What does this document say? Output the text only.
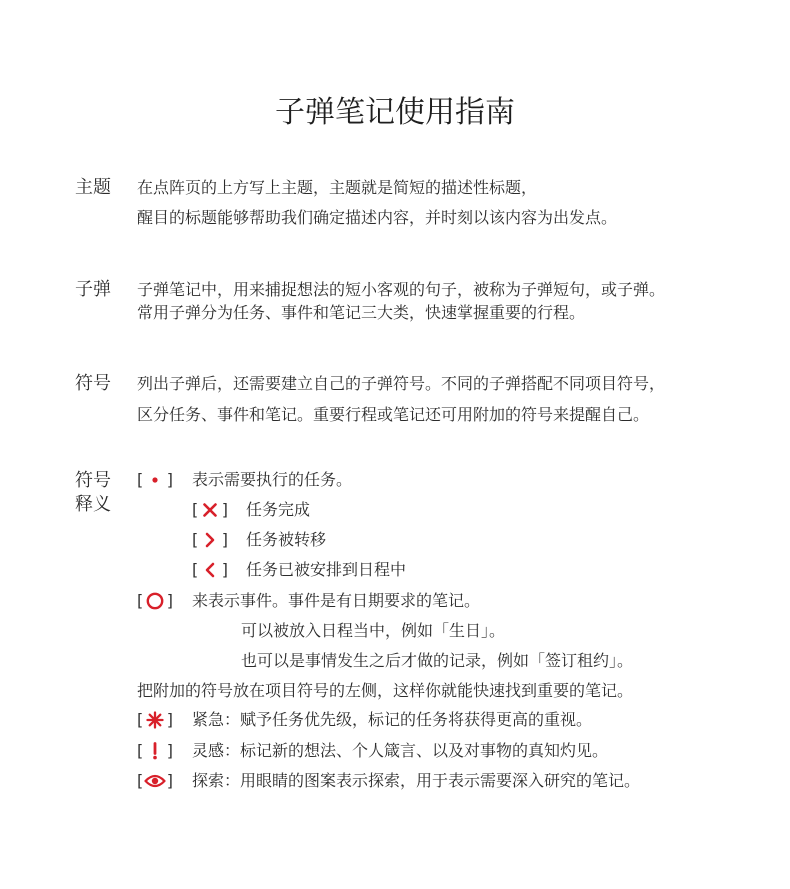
子弹笔记使用指南
主题 在点阵页的上方写上主题，主题就是简短的描述性标题，
醒目的标题能够帮助我们确定描述内容，并时刻以该内容为出发点。
子弹 子弹笔记中，用来捕捉想法的短小客观的句子，被称为子弹短句，或子弹。
常用子弹分为任务、事件和笔记三大类，快速掌握重要的行程。
符号 列出子弹后，还需要建立自己的子弹符号。不同的子弹搭配不同项目符号，
区分任务、事件和笔记。重要行程或笔记还可用附加的符号来提醒自己。
符号
释义
[ ] 表示需要执行的任务。
[ ] 任务完成
[ ] 任务被转移
[ ] 任务已被安排到日程中
[ ] 来表示事件。事件是有日期要求的笔记。
可以被放入日程当中，例如「生日」。
也可以是事情发生之后才做的记录，例如「签订租约」。
把附加的符号放在项目符号的左侧，这样你就能快速找到重要的笔记。
[ ] 紧急：赋予任务优先级，标记的任务将获得更高的重视。
[ ] 灵感：标记新的想法、个人箴言、以及对事物的真知灼见。
[ ] 探索：用眼睛的图案表示探索，用于表示需要深入研究的笔记。
